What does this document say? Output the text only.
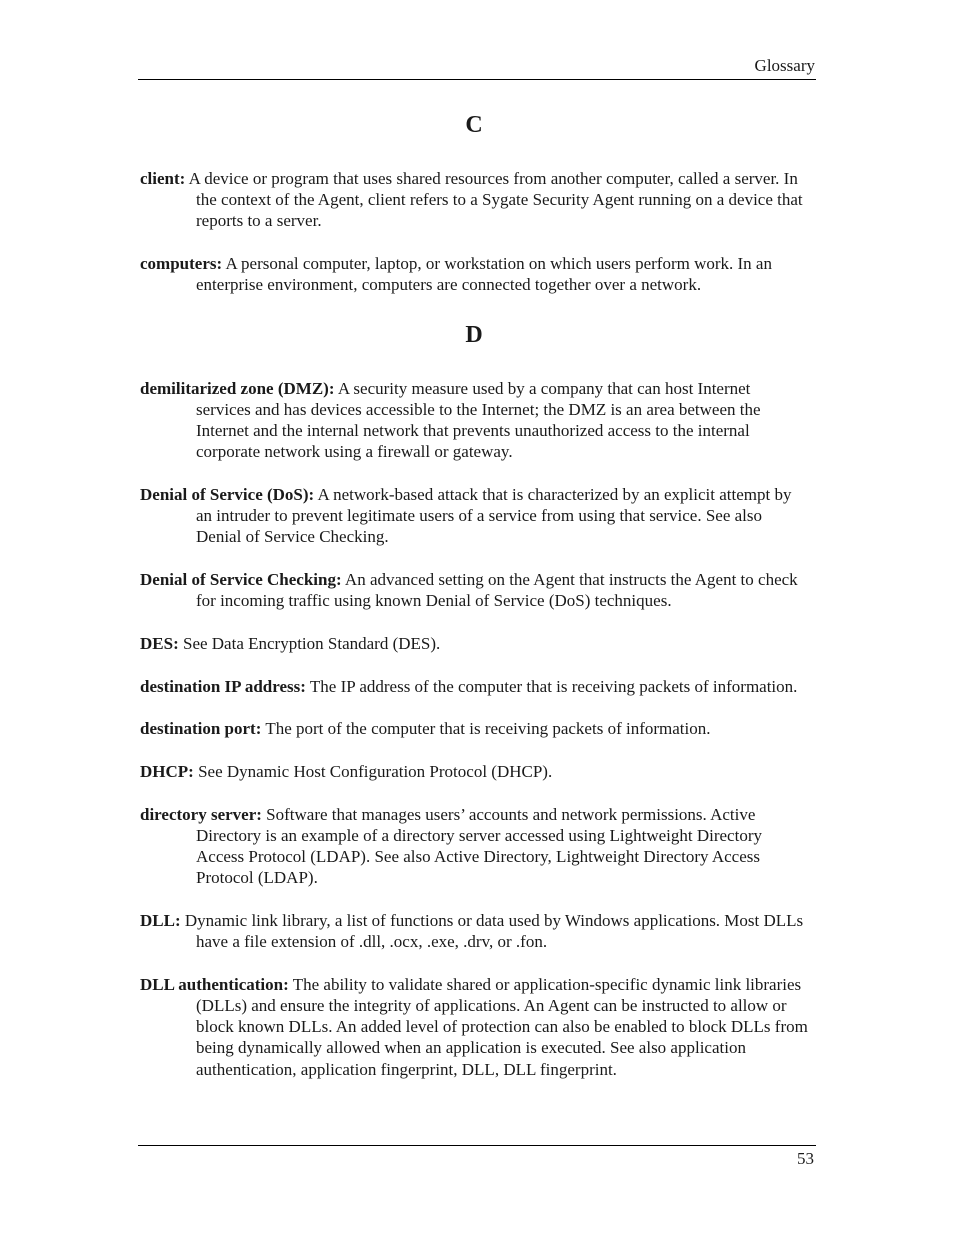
Glossary
C

client: A device or program that uses shared resources from another computer, called a server. In the context of the Agent, client refers to a Sygate Security Agent running on a device that reports to a server.

computers: A personal computer, laptop, or workstation on which users perform work. In an enterprise environment, computers are connected together over a network.

D

demilitarized zone (DMZ): A security measure used by a company that can host Internet services and has devices accessible to the Internet; the DMZ is an area between the Internet and the internal network that prevents unauthorized access to the internal corporate network using a firewall or gateway.

Denial of Service (DoS): A network-based attack that is characterized by an explicit attempt by an intruder to prevent legitimate users of a service from using that service. See also Denial of Service Checking.

Denial of Service Checking: An advanced setting on the Agent that instructs the Agent to check for incoming traffic using known Denial of Service (DoS) techniques.

DES: See Data Encryption Standard (DES).

destination IP address: The IP address of the computer that is receiving packets of information.

destination port: The port of the computer that is receiving packets of information.

DHCP: See Dynamic Host Configuration Protocol (DHCP).

directory server: Software that manages users’ accounts and network permissions. Active Directory is an example of a directory server accessed using Lightweight Directory Access Protocol (LDAP). See also Active Directory, Lightweight Directory Access Protocol (LDAP).

DLL: Dynamic link library, a list of functions or data used by Windows applications. Most DLLs have a file extension of .dll, .ocx, .exe, .drv, or .fon.

DLL authentication: The ability to validate shared or application-specific dynamic link libraries (DLLs) and ensure the integrity of applications. An Agent can be instructed to allow or block known DLLs. An added level of protection can also be enabled to block DLLs from being dynamically allowed when an application is executed. See also application authentication, application fingerprint, DLL, DLL fingerprint.

53
